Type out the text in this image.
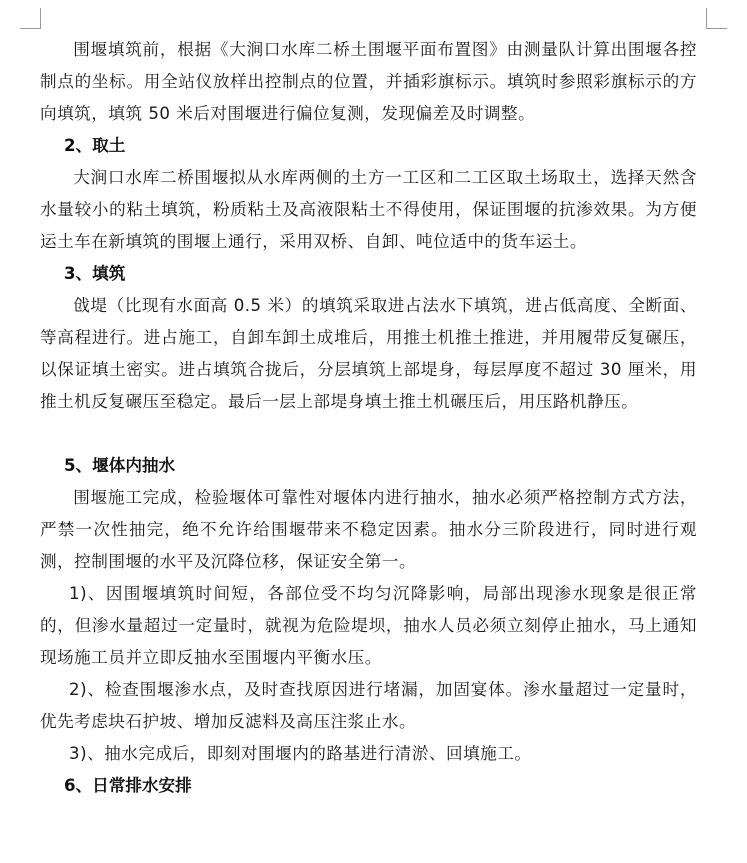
围堰填筑前，根据《大涧口水库二桥土围堰平面布置图》由测量队计算出围堰各控制点的坐标。用全站仪放样出控制点的位置，并插彩旗标示。填筑时参照彩旗标示的方向填筑，填筑 50 米后对围堰进行偏位复测，发现偏差及时调整。

2、取土

大涧口水库二桥围堰拟从水库两侧的土方一工区和二工区取土场取土，选择天然含水量较小的粘土填筑，粉质粘土及高液限粘土不得使用，保证围堰的抗渗效果。为方便运土车在新填筑的围堰上通行，采用双桥、自卸、吨位适中的货车运土。

3、填筑

戗堤（比现有水面高 0.5 米）的填筑采取进占法水下填筑，进占低高度、全断面、等高程进行。进占施工，自卸车卸土成堆后，用推土机推土推进，并用履带反复碾压，以保证填土密实。进占填筑合拢后，分层填筑上部堤身，每层厚度不超过 30 厘米，用推土机反复碾压至稳定。最后一层上部堤身填土推土机碾压后，用压路机静压。

5、堰体内抽水

围堰施工完成，检验堰体可靠性对堰体内进行抽水，抽水必须严格控制方式方法，严禁一次性抽完，绝不允许给围堰带来不稳定因素。抽水分三阶段进行，同时进行观测，控制围堰的水平及沉降位移，保证安全第一。

1)、因围堰填筑时间短，各部位受不均匀沉降影响，局部出现渗水现象是很正常的，但渗水量超过一定量时，就视为危险堤坝，抽水人员必须立刻停止抽水，马上通知现场施工员并立即反抽水至围堰内平衡水压。

2)、检查围堰渗水点，及时查找原因进行堵漏，加固宴体。渗水量超过一定量时，优先考虑块石护坡、增加反滤料及高压注浆止水。

3)、抽水完成后，即刻对围堰内的路基进行清淤、回填施工。

6、日常排水安排
